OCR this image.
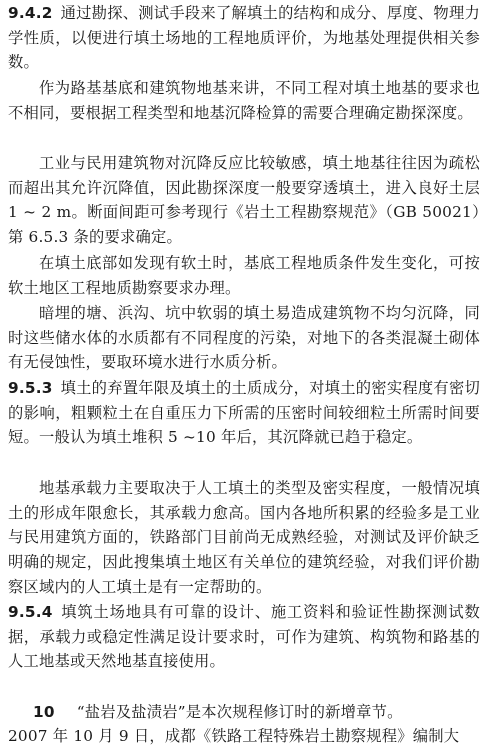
9.4.2 通过勘探、测试手段来了解填土的结构和成分、厚度、物理力学性质，以便进行填土场地的工程地质评价，为地基处理提供相关参数。

作为路基基底和建筑物地基来讲，不同工程对填土地基的要求也不相同，要根据工程类型和地基沉降检算的需要合理确定勘探深度。

工业与民用建筑物对沉降反应比较敏感，填土地基往往因为疏松而超出其允许沉降值，因此勘探深度一般要穿透填土，进入良好土层 1 ~ 2 m。断面间距可参考现行《岩土工程勘察规范》（GB 50021）第 6.5.3 条的要求确定。

在填土底部如发现有软土时，基底工程地质条件发生变化，可按软土地区工程地质勘察要求办理。

暗埋的塘、浜沟、坑中软弱的填土易造成建筑物不均匀沉降，同时这些储水体的水质都有不同程度的污染，对地下的各类混凝土砌体有无侵蚀性，要取环境水进行水质分析。

9.5.3 填土的弃置年限及填土的土质成分，对填土的密实程度有密切的影响，粗颗粒土在自重压力下所需的压密时间较细粒土所需时间要短。一般认为填土堆积 5 ~10 年后，其沉降就已趋于稳定。

地基承载力主要取决于人工填土的类型及密实程度，一般情况填土的形成年限愈长，其承载力愈高。国内各地所积累的经验多是工业与民用建筑方面的，铁路部门目前尚无成熟经验，对测试及评价缺乏明确的规定，因此搜集填土地区有关单位的建筑经验，对我们评价勘察区域内的人工填土是有一定帮助的。

9.5.4 填筑土场地具有可靠的设计、施工资料和验证性勘探测试数据，承载力或稳定性满足设计要求时，可作为建筑、构筑物和路基的人工地基或天然地基直接使用。

10 “盐岩及盐渍岩”是本次规程修订时的新增章节。

2007 年 10 月 9 日，成都《铁路工程特殊岩土勘察规程》编制大
